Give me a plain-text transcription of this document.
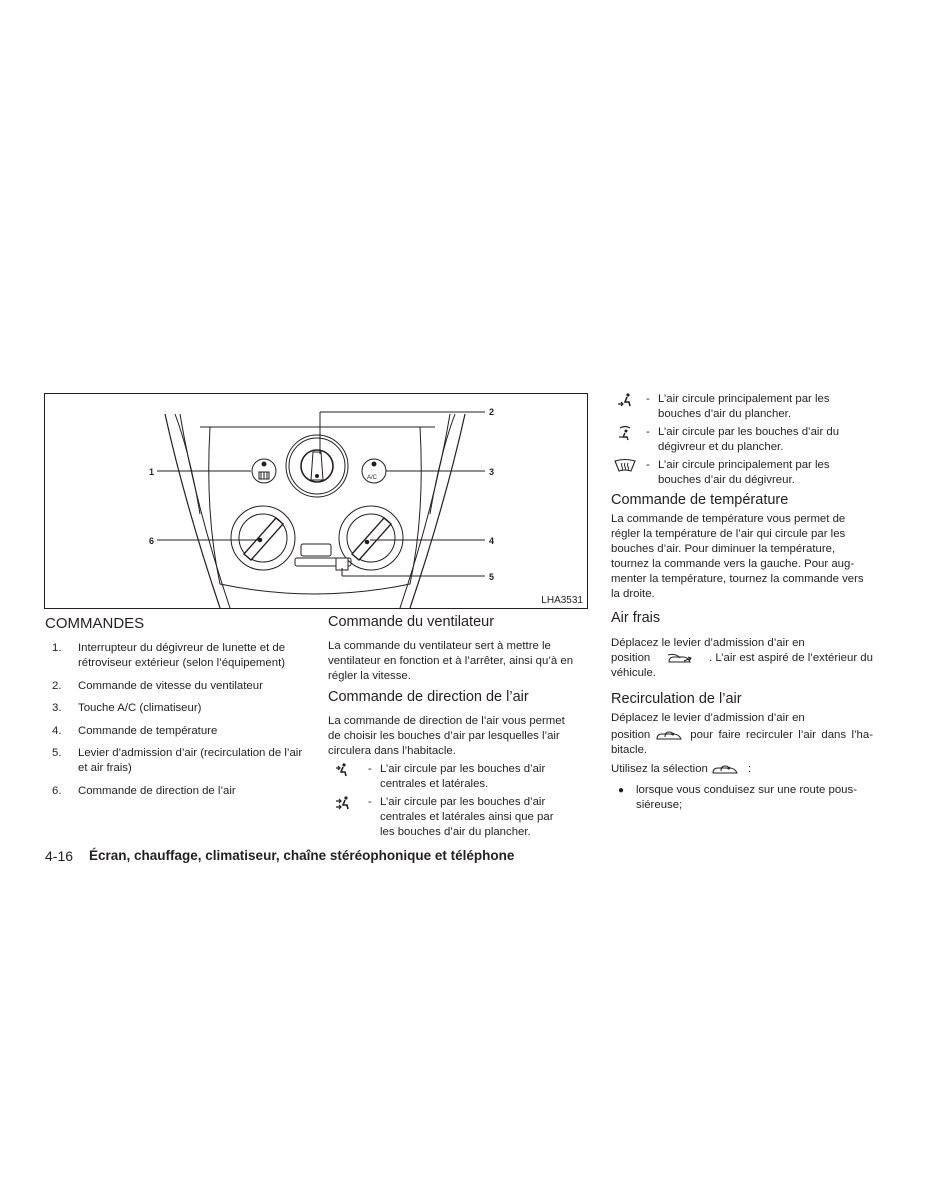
1
2
3
4
5
6
A/C
LHA3531
COMMANDES
1.	Interrupteur du dégivreur de lunette et de
rétroviseur extérieur (selon l’équipement)
2.	Commande de vitesse du ventilateur
3.	Touche A/C (climatiseur)
4.	Commande de température
5.	Levier d’admission d’air (recirculation de l’air
et air frais)
6.	Commande de direction de l’air
Commande du ventilateur
La commande du ventilateur sert à mettre le
ventilateur en fonction et à l’arrêter, ainsi qu’à en
régler la vitesse.
Commande de direction de l’air
La commande de direction de l’air vous permet
de choisir les bouches d’air par lesquelles l’air
circulera dans l’habitacle.
- L’air circule par les bouches d’air
centrales et latérales.
- L’air circule par les bouches d’air
centrales et latérales ainsi que par
les bouches d’air du plancher.
- L’air circule principalement par les
bouches d’air du plancher.
- L’air circule par les bouches d’air du
dégivreur et du plancher.
- L’air circule principalement par les
bouches d’air du dégivreur.
Commande de température
La commande de température vous permet de
régler la température de l’air qui circule par les
bouches d’air. Pour diminuer la température,
tournez la commande vers la gauche. Pour aug-
menter la température, tournez la commande vers
la droite.
Air frais
Déplacez le levier d’admission d’air en
position	. L’air est aspiré de l’extérieur du
véhicule.
Recirculation de l’air
Déplacez le levier d’admission d’air en
position	pour faire recirculer l’air dans l’ha-
bitacle.
Utilisez la sélection	:
● lorsque vous conduisez sur une route pous-
siéreuse;
4-16 Écran, chauffage, climatiseur, chaîne stéréophonique et téléphone
